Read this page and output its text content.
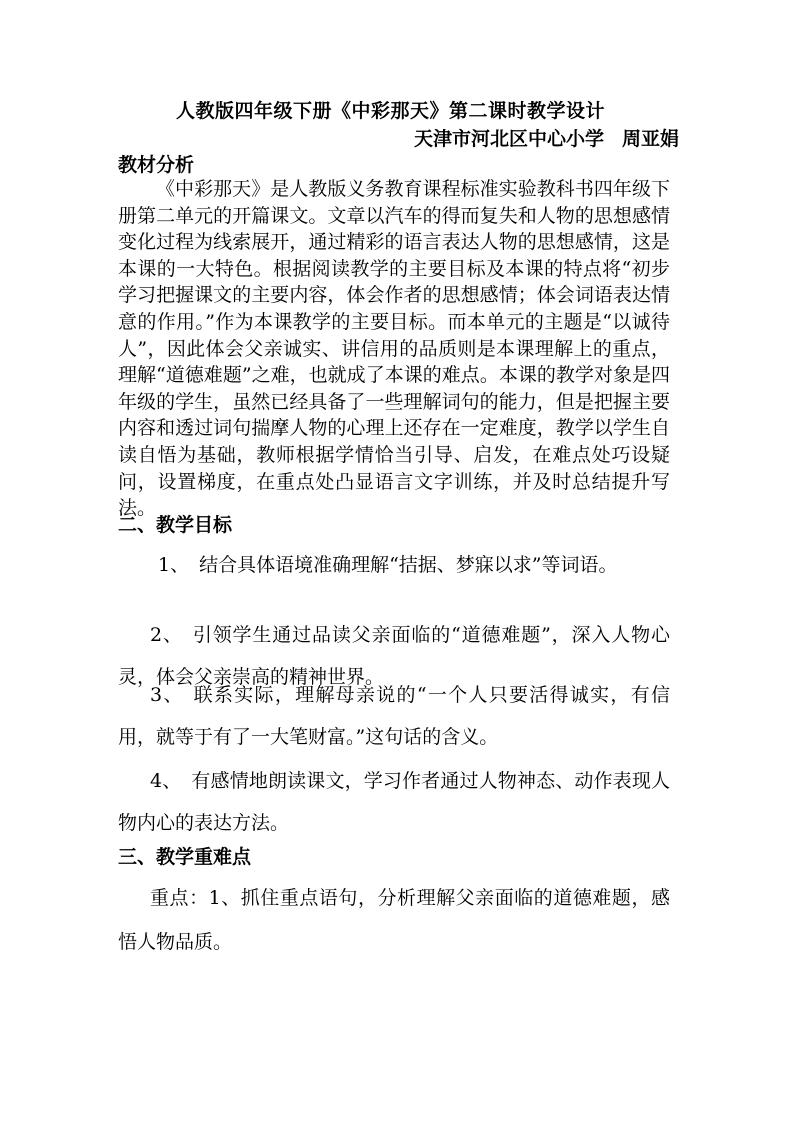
人教版四年级下册《中彩那天》第二课时教学设计
天津市河北区中心小学 周亚娟
教材分析

《中彩那天》是人教版义务教育课程标准实验教科书四年级下册第二单元的开篇课文。文章以汽车的得而复失和人物的思想感情变化过程为线索展开，通过精彩的语言表达人物的思想感情，这是本课的一大特色。根据阅读教学的主要目标及本课的特点将“初步学习把握课文的主要内容，体会作者的思想感情；体会词语表达情意的作用。”作为本课教学的主要目标。而本单元的主题是“以诚待人”，因此体会父亲诚实、讲信用的品质则是本课理解上的重点，理解“道德难题”之难，也就成了本课的难点。本课的教学对象是四年级的学生，虽然已经具备了一些理解词句的能力，但是把握主要内容和透过词句揣摩人物的心理上还存在一定难度，教学以学生自读自悟为基础，教师根据学情恰当引导、启发，在难点处巧设疑问，设置梯度，在重点处凸显语言文字训练，并及时总结提升写法。

二、教学目标

1、 结合具体语境准确理解“拮据、梦寐以求”等词语。

2、 引领学生通过品读父亲面临的“道德难题”，深入人物心灵，体会父亲崇高的精神世界。

3、 联系实际，理解母亲说的“一个人只要活得诚实，有信用，就等于有了一大笔财富。”这句话的含义。

4、 有感情地朗读课文，学习作者通过人物神态、动作表现人物内心的表达方法。

三、教学重难点

重点：1、抓住重点语句，分析理解父亲面临的道德难题，感悟人物品质。
